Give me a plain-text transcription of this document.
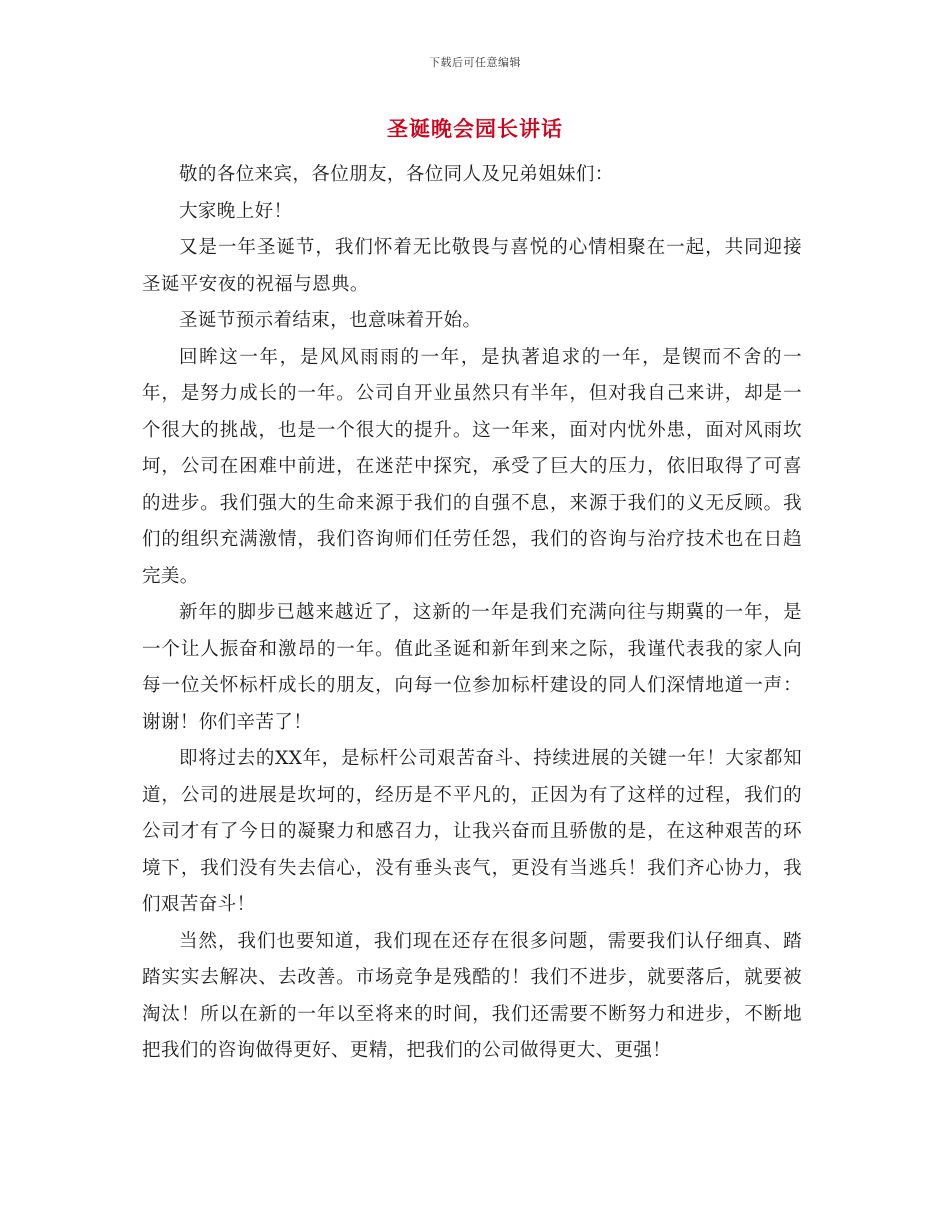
下载后可任意编辑
圣诞晚会园长讲话

敬的各位来宾，各位朋友，各位同人及兄弟姐妹们：

大家晚上好！

又是一年圣诞节，我们怀着无比敬畏与喜悦的心情相聚在一起，共同迎接圣诞平安夜的祝福与恩典。

圣诞节预示着结束，也意味着开始。

回眸这一年，是风风雨雨的一年，是执著追求的一年，是锲而不舍的一年，是努力成长的一年。公司自开业虽然只有半年，但对我自己来讲，却是一个很大的挑战，也是一个很大的提升。这一年来，面对内忧外患，面对风雨坎坷，公司在困难中前进，在迷茫中探究，承受了巨大的压力，依旧取得了可喜的进步。我们强大的生命来源于我们的自强不息，来源于我们的义无反顾。我们的组织充满激情，我们咨询师们任劳任怨，我们的咨询与治疗技术也在日趋完美。

新年的脚步已越来越近了，这新的一年是我们充满向往与期冀的一年，是一个让人振奋和激昂的一年。值此圣诞和新年到来之际，我谨代表我的家人向每一位关怀标杆成长的朋友，向每一位参加标杆建设的同人们深情地道一声：谢谢！你们辛苦了！

即将过去的XX年，是标杆公司艰苦奋斗、持续进展的关键一年！大家都知道，公司的进展是坎坷的，经历是不平凡的，正因为有了这样的过程，我们的公司才有了今日的凝聚力和感召力，让我兴奋而且骄傲的是，在这种艰苦的环境下，我们没有失去信心，没有垂头丧气，更没有当逃兵！我们齐心协力，我们艰苦奋斗！

当然，我们也要知道，我们现在还存在很多问题，需要我们认仔细真、踏踏实实去解决、去改善。市场竞争是残酷的！我们不进步，就要落后，就要被淘汰！所以在新的一年以至将来的时间，我们还需要不断努力和进步，不断地把我们的咨询做得更好、更精，把我们的公司做得更大、更强！
